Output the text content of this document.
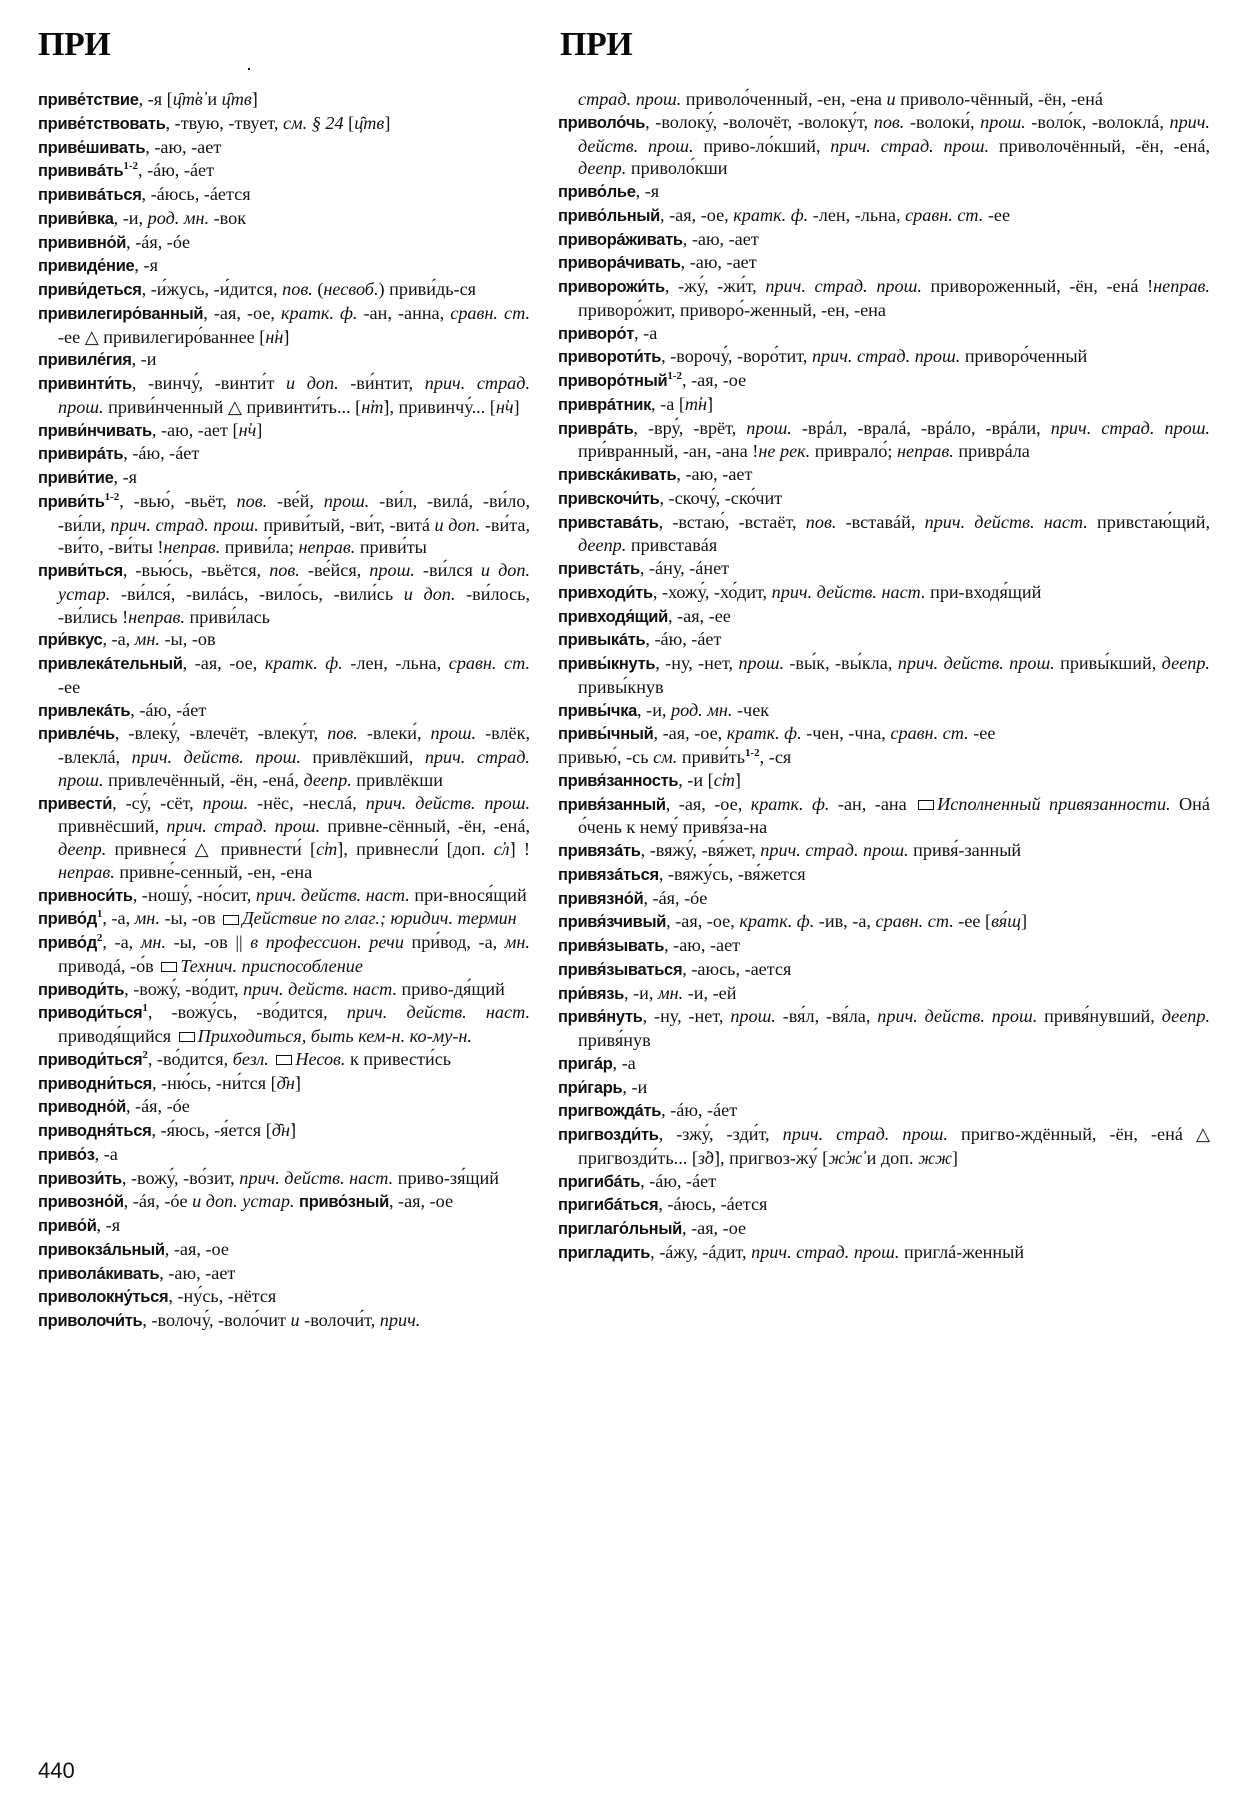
ПРИ	ПРИ

приве́тствие, -я [ц̑т̕в̕ и ц̑тв̕]

приве́тствовать, -твую, -твует, см. § 24 [ц̑тв]

приве́шивать, -аю, -ает

прививáть$^{1-2}$, -áю, -áет

прививáться, -áюсь, -áется

приви́вка, -и, род. мн. -вок

прививно́й, -áя, -óе

привиде́ние, -я

приви́деться, -и́жусь, -и́дится, пов. (несвоб.) приви́дь-ся

привилегиро́ванный, -ая, -ое, кратк. ф. -ан, -анна, сравн. ст. -ее △ привилегиро́ваннее [н̕н̕]

привиле́гия, -и

привинти́ть, -винчу́, -винти́т и доп. -ви́нтит, прич. страд. прош. приви́нченный △ привинти́ть... [н̕т̕], привинчу́... [н̕ч]

приви́нчивать, -аю, -ает [н̕ч]

привирáть, -áю, -áет

приви́тие, -я

$приви́ть^{1-2}$, -вью́, -вьёт, пов. -ве́й, прош. -ви́л, -вилá, -ви́ло, -ви́ли, прич. страд. прош. приви́тый, -ви́т, -витá и доп. -ви́та, -ви́то, -ви́ты !неправ. приви́ла; неправ. приви́ты

приви́ться, -вью́сь, -вьётся, пов. -ве́йся, прош. -ви́лся и доп. устар. -ви́лся́, -вилáсь, -вило́сь, -вили́сь и доп. -ви́лось, -ви́лись !неправ. приви́лась

при́вкус, -а, мн. -ы, -ов

привлекáтельный, -ая, -ое, кратк. ф. -лен, -льна, сравн. ст. -ее

привлекáть, -áю, -áет

привле́чь, -влеку́, -влечёт, -влеку́т, пов. -влеки́, прош. -влёк, -влеклá, прич. действ. прош. привлёкший, прич. страд. прош. привлечённый, -ён, -енá, деепр. привлёкши

привести́, -су́, -сёт, прош. -нёс, -неслá, прич. действ. прош. привнёсший, прич. страд. прош. привне-сённый, -ён, -енá, деепр. привнеся́ △ привнести́ [с̕т̕], привнесли́ [доп. с̕л̕] !неправ. привне́-сенный, -ен, -ена

привноси́ть, -ношу́, -но́сит, прич. действ. наст. при-внося́щий

$приво́д^1$, -а, мн. -ы, -ов Действие по глаг.; юридич. термин

$приво́д^2$, -а, мн. -ы, -ов || в профессион. речи при́вод, -а, мн. приводá, -о́в Технич. приспособление

приводи́ть, -вожу́, -во́дит, прич. действ. наст. приво-дя́щий

приводи́ться$^1$, -вожу́сь, -во́дится, прич. действ. наст. приводя́щийся Приходиться, быть кем-н. ко-му-н.

приводи́ться$^2$, -во́дится, безл. Несов. к привести́сь

приводни́ться, -ню́сь, -ни́тся [д̑н̕]

приводно́й, -áя, -óе

приводня́ться, -я́юсь, -я́ется [д̑н̕]

приво́з, -а

привози́ть, -вожу́, -во́зит, прич. действ. наст. приво-зя́щий

привозно́й, -áя, -óе и доп. устар. приво́зный, -ая, -ое

приво́й, -я

привокзáльный, -ая, -ое

приволáкивать, -аю, -ает

приволокну́ться, -ну́сь, -нётся

приволочи́ть, -волочу́, -воло́чит и -волочи́т, прич.

страд. прош. приволо́ченный, -ен, -ена и приволо-чённый, -ён, -енá

приволо́чь, -волоку́, -волочёт, -волоку́т, пов. -волоки́, прош. -воло́к, -волоклá, прич. действ. прош. приво-ло́кший, прич. страд. прош. приволочённый, -ён, -енá, деепр. приволо́кши

приво́лье, -я

приво́льный, -ая, -ое, кратк. ф. -лен, -льна, сравн. ст. -ее

приворáживать, -аю, -ает

приворáчивать, -аю, -ает

приворожи́ть, -жу́, -жи́т, прич. страд. прош. привороженный, -ён, -енá !неправ. приворо́жит, приворо́-женный, -ен, -ена

приворо́т, -а

привороти́ть, -ворочу́, -воро́тит, прич. страд. прош. приворо́ченный

приворо́тный$^{1-2}$, -ая, -ое

приврáтник, -а [т̕н̕]

приврáть, -вру́, -врёт, прош. -врáл, -вралá, -врáло, -врáли, прич. страд. прош. при́вранный, -ан, -ана !не рек. приврало́; неправ. приврáла

привскáкивать, -аю, -ает

привскочи́ть, -скочу́, -ско́чит

привставáть, -встаю́, -встаёт, пов. -вставáй, прич. действ. наст. привстаю́щий, деепр. привставáя

привстáть, -áну, -áнет

привходи́ть, -хожу́, -хо́дит, прич. действ. наст. при-входя́щий

привходя́щий, -ая, -ее

привыкáть, -áю, -áет

привы́кнуть, -ну, -нет, прош. -вы́к, -вы́кла, прич. действ. прош. привы́кший, деепр. привы́кнув

привы́чка, -и, род. мн. -чек

привы́чный, -ая, -ое, кратк. ф. -чен, -чна, сравн. ст. -ее

привью́, -сь см. $приви́ть^{1-2}$, -ся

привя́занность, -и [с̕т̕]

привя́занный, -ая, -ое, кратк. ф. -ан, -ана Исполненный привязанности. Онá о́чень к нему́ привя́за-на

привязáть, -вяжу́, -вя́жет, прич. страд. прош. привя́-занный

привязáться, -вяжу́сь, -вя́жется

привязно́й, -áя, -óе

привя́зчивый, -ая, -ое, кратк. ф. -ив, -а, сравн. ст. -ее [вя́щ]

привя́зывать, -аю, -ает

привя́зываться, -аюсь, -ается

при́вязь, -и, мн. -и, -ей

привя́нуть, -ну, -нет, прош. -вя́л, -вя́ла, прич. действ. прош. привя́нувший, деепр. привя́нув

пригáр, -а

при́гарь, -и

пригвождáть, -áю, -áет

пригвозди́ть, -зжу́, -зди́т, прич. страд. прош. пригво-ждённый, -ён, -енá △ пригвозди́ть... [з̕д̕], пригвоз-жу́ [ж̕ж̕ и доп. жж]

пригибáть, -áю, -áет

пригибáться, -áюсь, -áется

приглаго́льный, -ая, -ое

пригладить, -áжу, -áдит, прич. страд. прош. приглá-женный

440
